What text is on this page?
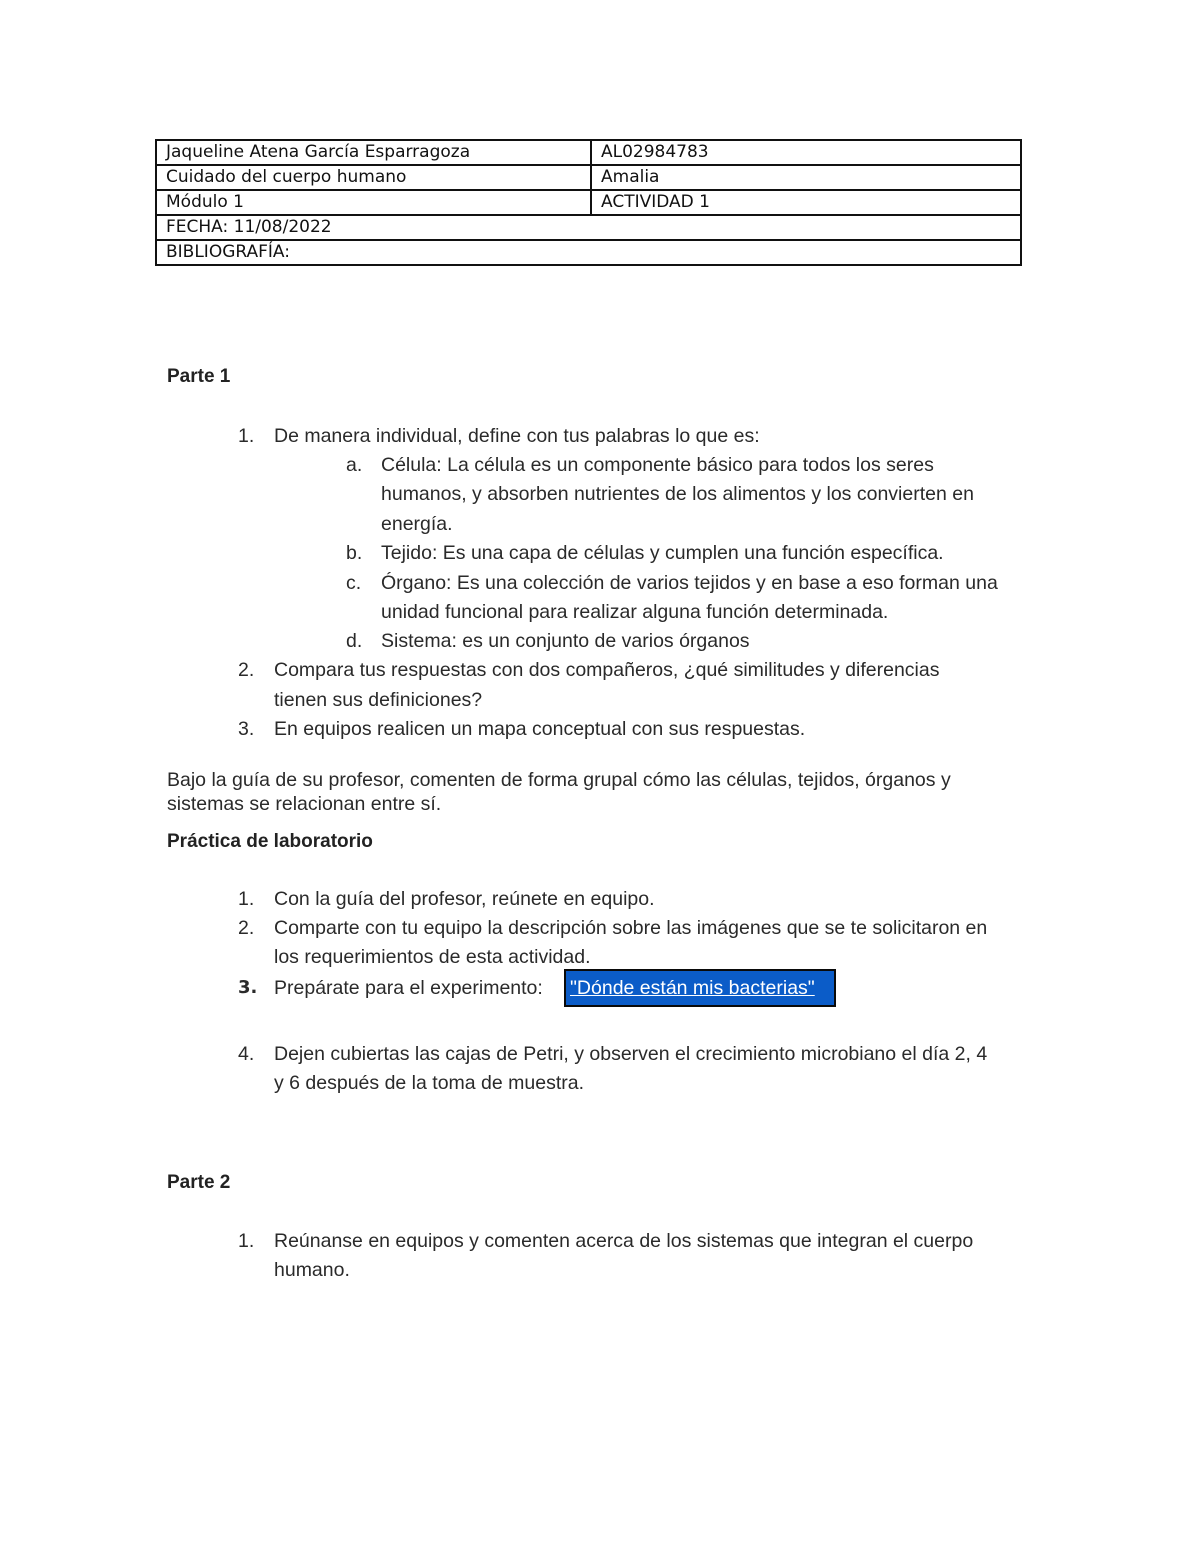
Jaqueline Atena García Esparragoza	AL02984783
Cuidado del cuerpo humano	Amalia
Módulo 1	ACTIVIDAD 1
FECHA: 11/08/2022	
BIBLIOGRAFÍA:	
Parte 1
1. De manera individual, define con tus palabras lo que es:
a. Célula: La célula es un componente básico para todos los seres
humanos, y absorben nutrientes de los alimentos y los convierten en
energía.
b. Tejido: Es una capa de células y cumplen una función específica.
c. Órgano: Es una colección de varios tejidos y en base a eso forman una
unidad funcional para realizar alguna función determinada.
d. Sistema: es un conjunto de varios órganos
2. Compara tus respuestas con dos compañeros, ¿qué similitudes y diferencias
tienen sus definiciones?
3. En equipos realicen un mapa conceptual con sus respuestas.
Bajo la guía de su profesor, comenten de forma grupal cómo las células, tejidos, órganos y
sistemas se relacionan entre sí.
Práctica de laboratorio
1. Con la guía del profesor, reúnete en equipo.
2. Comparte con tu equipo la descripción sobre las imágenes que se te solicitaron en
los requerimientos de esta actividad.
3. Prepárate para el experimento: "Dónde están mis bacterias"
4. Dejen cubiertas las cajas de Petri, y observen el crecimiento microbiano el día 2, 4
y 6 después de la toma de muestra.
Parte 2
1. Reúnanse en equipos y comenten acerca de los sistemas que integran el cuerpo
humano.
